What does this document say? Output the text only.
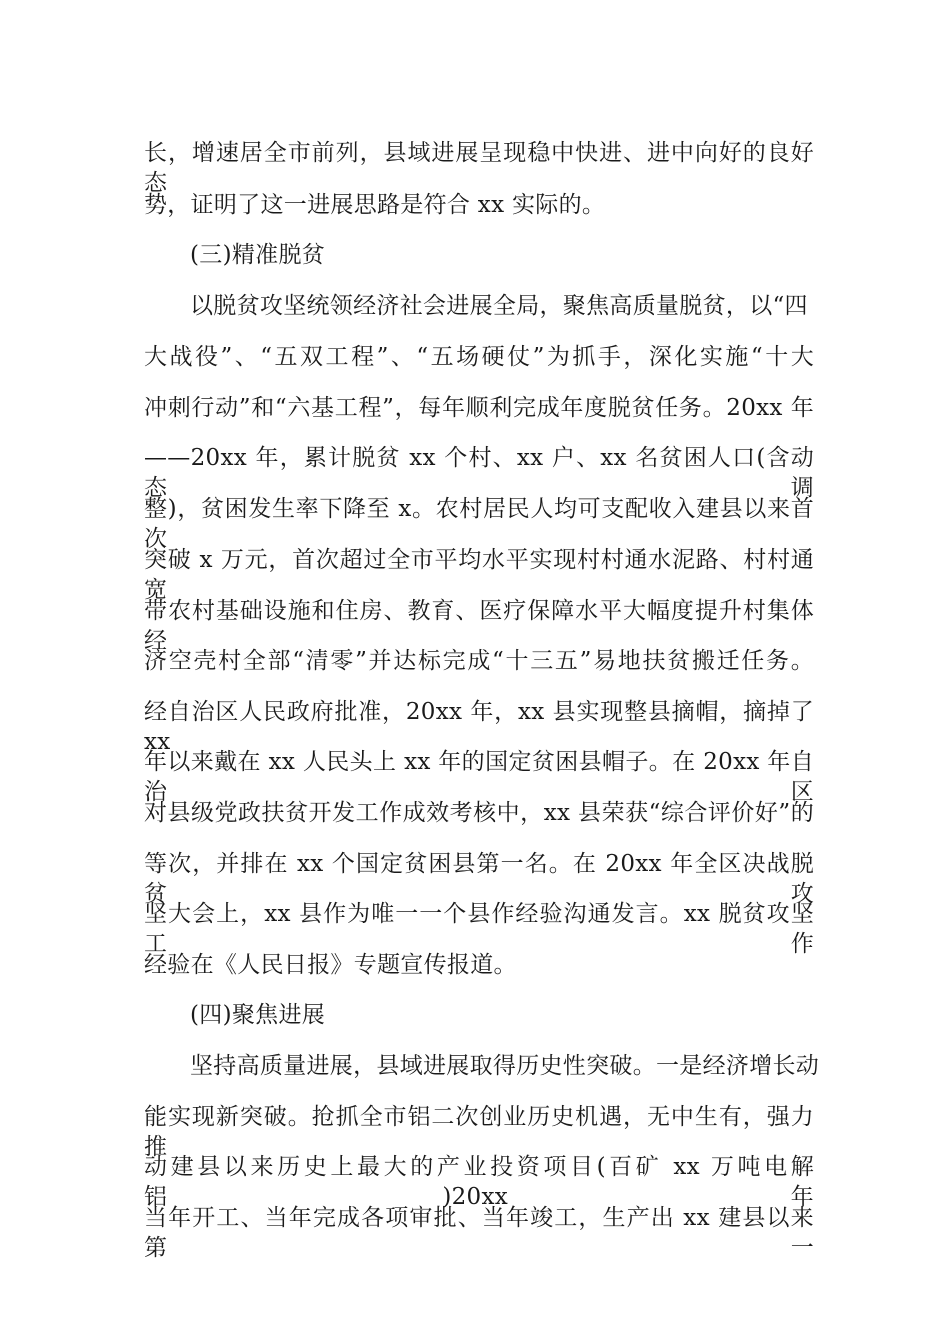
长，增速居全市前列，县域进展呈现稳中快进、进中向好的良好态
势，证明了这一进展思路是符合 xx 实际的。
(三)精准脱贫
以脱贫攻坚统领经济社会进展全局，聚焦高质量脱贫，以“四
大战役”、“五双工程”、“五场硬仗”为抓手，深化实施“十大
冲刺行动”和“六基工程”，每年顺利完成年度脱贫任务。20xx 年
——20xx 年，累计脱贫 xx 个村、xx 户、xx 名贫困人口(含动态调
整)，贫困发生率下降至 x。农村居民人均可支配收入建县以来首次
突破 x 万元，首次超过全市平均水平实现村村通水泥路、村村通宽
带农村基础设施和住房、教育、医疗保障水平大幅度提升村集体经
济空壳村全部“清零”并达标完成“十三五”易地扶贫搬迁任务。
经自治区人民政府批准，20xx 年，xx 县实现整县摘帽，摘掉了 xx
年以来戴在 xx 人民头上 xx 年的国定贫困县帽子。在 20xx 年自治区
对县级党政扶贫开发工作成效考核中，xx 县荣获“综合评价好”的
等次，并排在 xx 个国定贫困县第一名。在 20xx 年全区决战脱贫攻
坚大会上，xx 县作为唯一一个县作经验沟通发言。xx 脱贫攻坚工作
经验在《人民日报》专题宣传报道。
(四)聚焦进展
坚持高质量进展，县域进展取得历史性突破。一是经济增长动
能实现新突破。抢抓全市铝二次创业历史机遇，无中生有，强力推
动建县以来历史上最大的产业投资项目(百矿 xx 万吨电解铝)20xx 年
当年开工、当年完成各项审批、当年竣工，生产出 xx 建县以来第一
